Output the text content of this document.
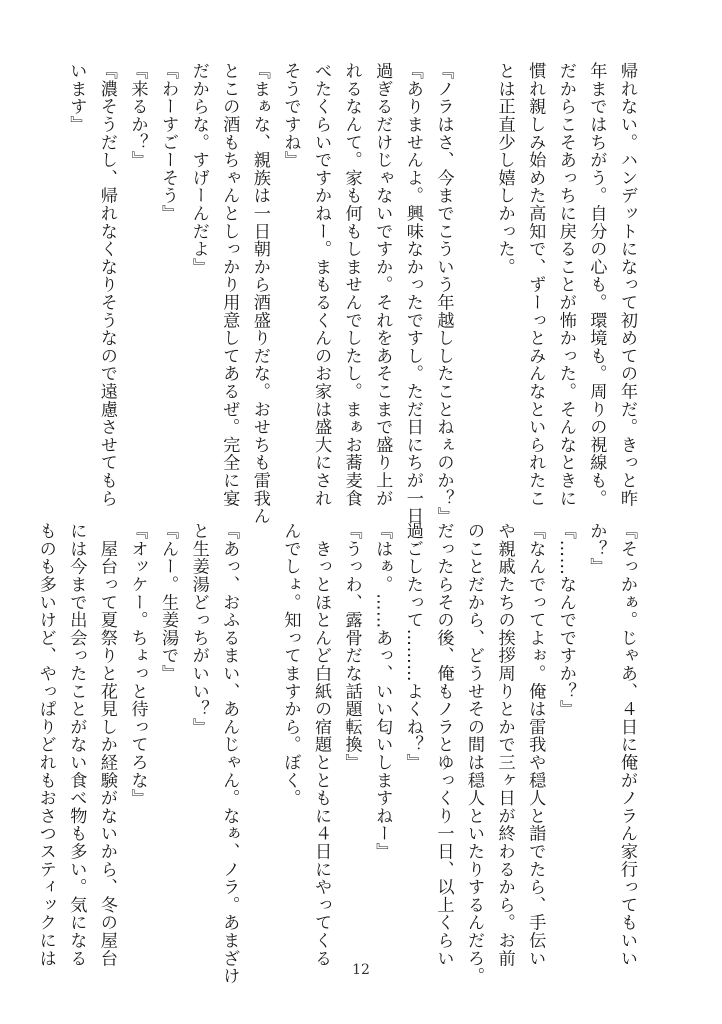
帰れない。ハンデットになって初めての年だ。きっと昨
年まではちがう。自分の心も。環境も。周りの視線も。
だからこそあっちに戻ることが怖かった。そんなときに
慣れ親しみ始めた高知で、ずーっとみんなといられたこ
とは正直少し嬉しかった。
『ノラはさ、今までこういう年越ししたことねぇのか？』
『ありませんよ。興味なかったですし。ただ日にちが一日
過ぎるだけじゃないですか。それをあそこまで盛り上が
れるなんて。家も何もしませんでしたし。まぁお蕎麦食
べたくらいですかねー。まもるくんのお家は盛大にされ
そうですね』
『まぁな、親族は一日朝から酒盛りだな。おせちも雷我ん
とこの酒もちゃんとしっかり用意してあるぜ。完全に宴
だからな。すげーんだよ』
『わーすごーそう』
『来るか？』
『濃そうだし、帰れなくなりそうなので遠慮させてもら
います』
『そっかぁ。じゃあ、４日に俺がノラん家行ってもいい
か？』
『……なんでですか？』
『なんでってよぉ。俺は雷我や穏人と詣でたら、手伝い
や親戚たちの挨拶周りとかで三ヶ日が終わるから。お前
のことだから、どうせその間は穏人といたりするんだろ。
だったらその後、俺もノラとゆっくり一日、以上くらい
過ごしたって………よくね？』
『はぁ。……あっ、いい匂いしますねー』
『うっわ、露骨だな話題転換』
　きっとほとんど白紙の宿題とともに４日にやってくる
んでしょ。知ってますから。ぼく。
『あっ、おふるまい、あんじゃん。なぁ、ノラ。あまざけ
と生姜湯どっちがいい？』
『んー。生姜湯で』
『オッケー。ちょっと待ってろな』
　屋台って夏祭りと花見しか経験がないから、冬の屋台
には今まで出会ったことがない食べ物も多い。気になる
ものも多いけど、やっぱりどれもおさつスティックには
12
